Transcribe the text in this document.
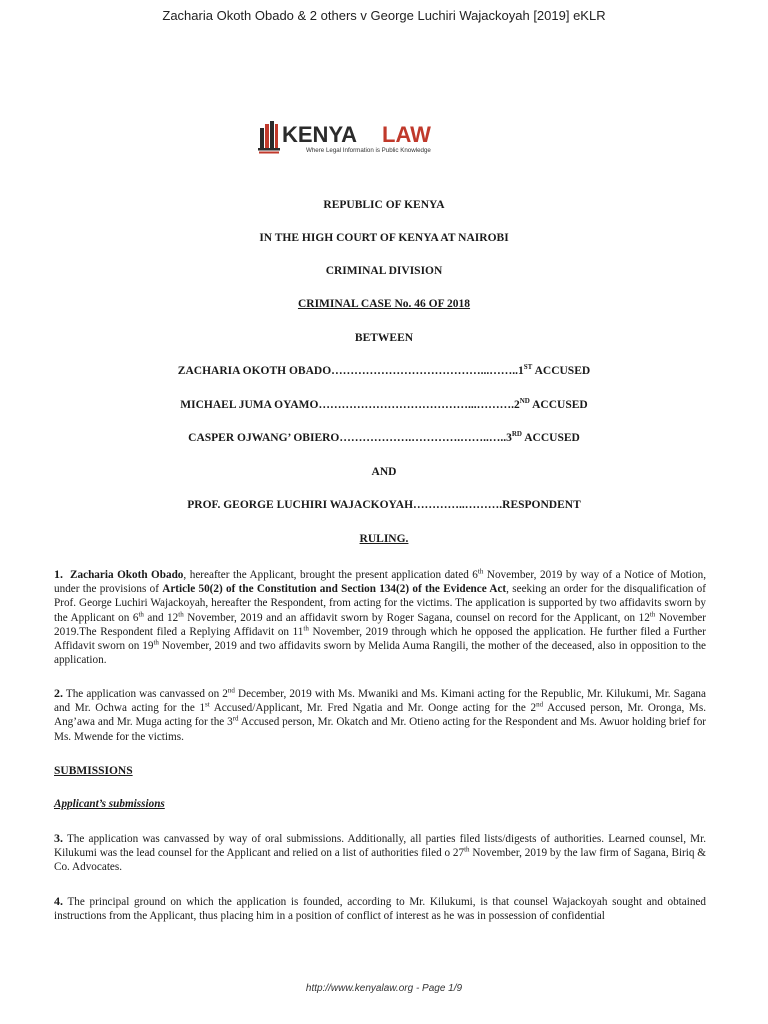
Zacharia Okoth Obado & 2 others v George Luchiri Wajackoyah [2019] eKLR
KENYA LAW
Where Legal Information is Public Knowledge
REPUBLIC OF KENYA
IN THE HIGH COURT OF KENYA AT NAIROBI
CRIMINAL DIVISION
CRIMINAL CASE No. 46 OF 2018
BETWEEN
ZACHARIA OKOTH OBADO…………………………………...……..1ST ACCUSED
MICHAEL JUMA OYAMO…………………………………...……….2ND ACCUSED
CASPER OJWANG’ OBIERO……………….………….……..…..3RD ACCUSED
AND
PROF. GEORGE LUCHIRI WAJACKOYAH…………..……….RESPONDENT
RULING.
1. Zacharia Okoth Obado, hereafter the Applicant, brought the present application dated 6th November, 2019 by way of a Notice of Motion, under the provisions of Article 50(2) of the Constitution and Section 134(2) of the Evidence Act, seeking an order for the disqualification of Prof. George Luchiri Wajackoyah, hereafter the Respondent, from acting for the victims. The application is supported by two affidavits sworn by the Applicant on 6th and 12th November, 2019 and an affidavit sworn by Roger Sagana, counsel on record for the Applicant, on 12th November 2019.The Respondent filed a Replying Affidavit on 11th November, 2019 through which he opposed the application. He further filed a Further Affidavit sworn on 19th November, 2019 and two affidavits sworn by Melida Auma Rangili, the mother of the deceased, also in opposition to the application.
2. The application was canvassed on 2nd December, 2019 with Ms. Mwaniki and Ms. Kimani acting for the Republic, Mr. Kilukumi, Mr. Sagana and Mr. Ochwa acting for the 1st Accused/Applicant, Mr. Fred Ngatia and Mr. Oonge acting for the 2nd Accused person, Mr. Oronga, Ms. Ang’awa and Mr. Muga acting for the 3rd Accused person, Mr. Okatch and Mr. Otieno acting for the Respondent and Ms. Awuor holding brief for Ms. Mwende for the victims.
SUBMISSIONS
Applicant’s submissions
3. The application was canvassed by way of oral submissions. Additionally, all parties filed lists/digests of authorities. Learned counsel, Mr. Kilukumi was the lead counsel for the Applicant and relied on a list of authorities filed o 27th November, 2019 by the law firm of Sagana, Biriq & Co. Advocates.
4. The principal ground on which the application is founded, according to Mr. Kilukumi, is that counsel Wajackoyah sought and obtained instructions from the Applicant, thus placing him in a position of conflict of interest as he was in possession of confidential
http://www.kenyalaw.org - Page 1/9
